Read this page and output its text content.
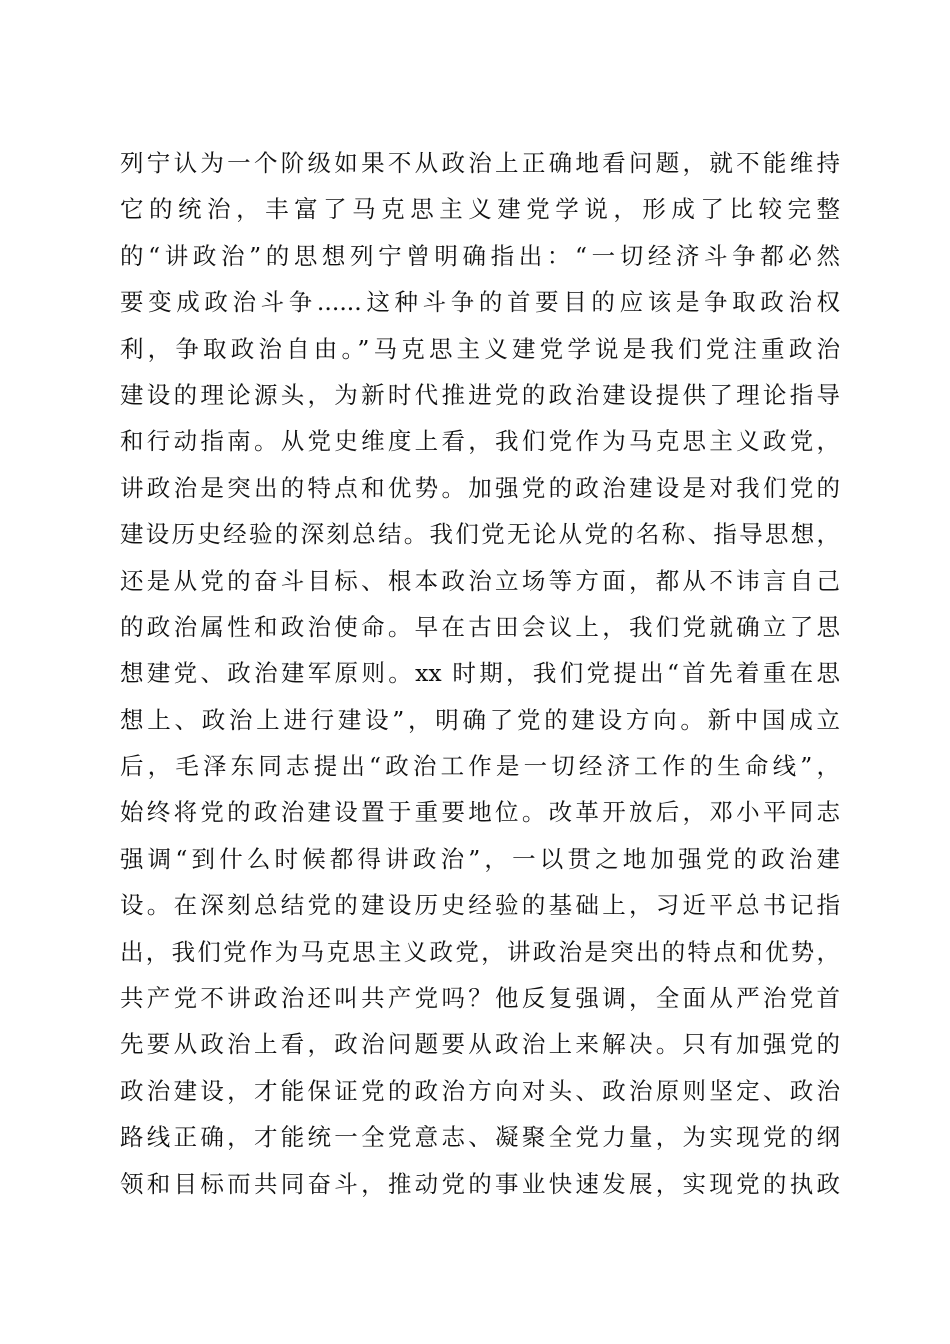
列宁认为一个阶级如果不从政治上正确地看问题，就不能维持
它的统治，丰富了马克思主义建党学说，形成了比较完整
的“讲政治”的思想列宁曾明确指出：“一切经济斗争都必然
要变成政治斗争......这种斗争的首要目的应该是争取政治权
利，争取政治自由。”马克思主义建党学说是我们党注重政治
建设的理论源头，为新时代推进党的政治建设提供了理论指导
和行动指南。从党史维度上看，我们党作为马克思主义政党，
讲政治是突出的特点和优势。加强党的政治建设是对我们党的
建设历史经验的深刻总结。我们党无论从党的名称、指导思想，
还是从党的奋斗目标、根本政治立场等方面，都从不讳言自己
的政治属性和政治使命。早在古田会议上，我们党就确立了思
想建党、政治建军原则。xx 时期，我们党提出“首先着重在思
想上、政治上进行建设”，明确了党的建设方向。新中国成立
后，毛泽东同志提出“政治工作是一切经济工作的生命线”，
始终将党的政治建设置于重要地位。改革开放后，邓小平同志
强调“到什么时候都得讲政治”，一以贯之地加强党的政治建
设。在深刻总结党的建设历史经验的基础上，习近平总书记指
出，我们党作为马克思主义政党，讲政治是突出的特点和优势，
共产党不讲政治还叫共产党吗？他反复强调，全面从严治党首
先要从政治上看，政治问题要从政治上来解决。只有加强党的
政治建设，才能保证党的政治方向对头、政治原则坚定、政治
路线正确，才能统一全党意志、凝聚全党力量，为实现党的纲
领和目标而共同奋斗，推动党的事业快速发展，实现党的执政
